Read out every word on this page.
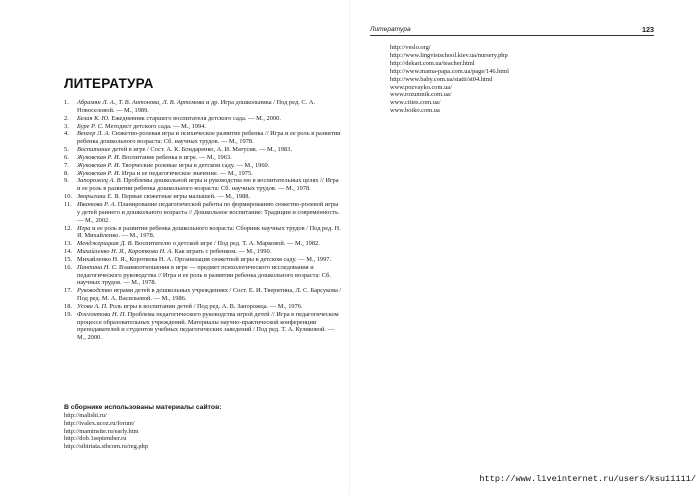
ЛИТЕРАТУРА
1. Абрамян Л. А., Т. В. Антонова, Л. В. Артемова и др. Игра дошкольника / Под ред. С. А. Новоселовой. — М., 1989.
2. Белая К. Ю. Ежедневник старшего воспитателя детского сада. — М., 2000.
3. Буре Р. С. Методист детского сада. — М., 1994.
4. Венгер Л. А. Сюжетно-ролевая игра и психическое развитие ребенка // Игра и ее роль в развитии ребенка дошкольного возраста: Сб. научных трудов. — М., 1978.
5. Воспитание детей в игре / Сост. А. К. Бондаренко, А. И. Матусик. — М., 1983.
6. Жуковская Р. И. Воспитание ребенка в игре. — М., 1963.
7. Жуковская Р. И. Творческие ролевые игры в детском саду. — М., 1960.
8. Жуковская Р. И. Игра и ее педагогическое значение. — М., 1975.
9. Запорожец А. В. Проблемы дошкольной игры и руководства ею в воспитательных целях // Игра и ее роль в развитии ребенка дошкольного возраста: Сб. научных трудов. — М., 1978.
10. Зворыгина Е. В. Первые сюжетные игры малышей. — М., 1988.
11. Иванкова Р. А. Планирование педагогической работы по формированию сюжетно-ролевой игры у детей раннего и дошкольного возраста // Дошкольное воспитание: Традиции и современность. — М., 2002.
12. Игра и ее роль в развитии ребенка дошкольного возраста: Сборник научных трудов / Под ред. Н. Я. Михайленко. — М., 1978.
13. Менджерицкая Д. В. Воспитателю о детской игре / Под ред. Т. А. Марковой. — М., 1982.
14. Михайленко Н. Я., Короткова Н. А. Как играть с ребенком. — М., 1990.
15. Михайленко Н. Я., Короткова Н. А. Организация сюжетной игры в детском саду. — М., 1997.
16. Пантина Н. С. Взаимоотношения в игре — предмет психологического исследования и педагогического руководства // Игра и ее роль в развитии ребенка дошкольного возраста: Сб. научных трудов. — М., 1978.
17. Руководство играми детей в дошкольных учреждениях / Сост. Е. И. Тверитина, Л. С. Барсукова / Под ред. М. А. Васильевой. — М., 1986.
18. Усова А. П. Роль игры в воспитании детей / Под ред. А. В. Запорожца. — М., 1976.
19. Флегонтова Н. П. Проблема педагогического руководства игрой детей // Игра в педагогическом процессе образовательных учреждений. Материалы научно-практической конференции преподавателей и студентов учебных педагогических заведений / Под ред. Т. А. Куликовой. — М., 2000.
В сборнике использованы материалы сайтов:
http://malishi.ru/
http://ivalex.ucoz.ru/forum/
http://maminsite.ru/early.htm
http://dob.1september.ru
http://sibiriata.sibcom.ru/reg.php
Литература	123
http://veslo.org/
http://www.lingvistschool.kiev.ua/nursery.php
http://dekart.com.ua/teacher.html
http://www.mama-papa.com.ua/page/146.html
http://www.baby.com.ua/statii/st04.html
www.pozvayko.com.ua/
www.rozumnik.com.ua/
www.cities.com.ua/
www.boiko.com.ua
http://www.liveinternet.ru/users/ksu11111/
